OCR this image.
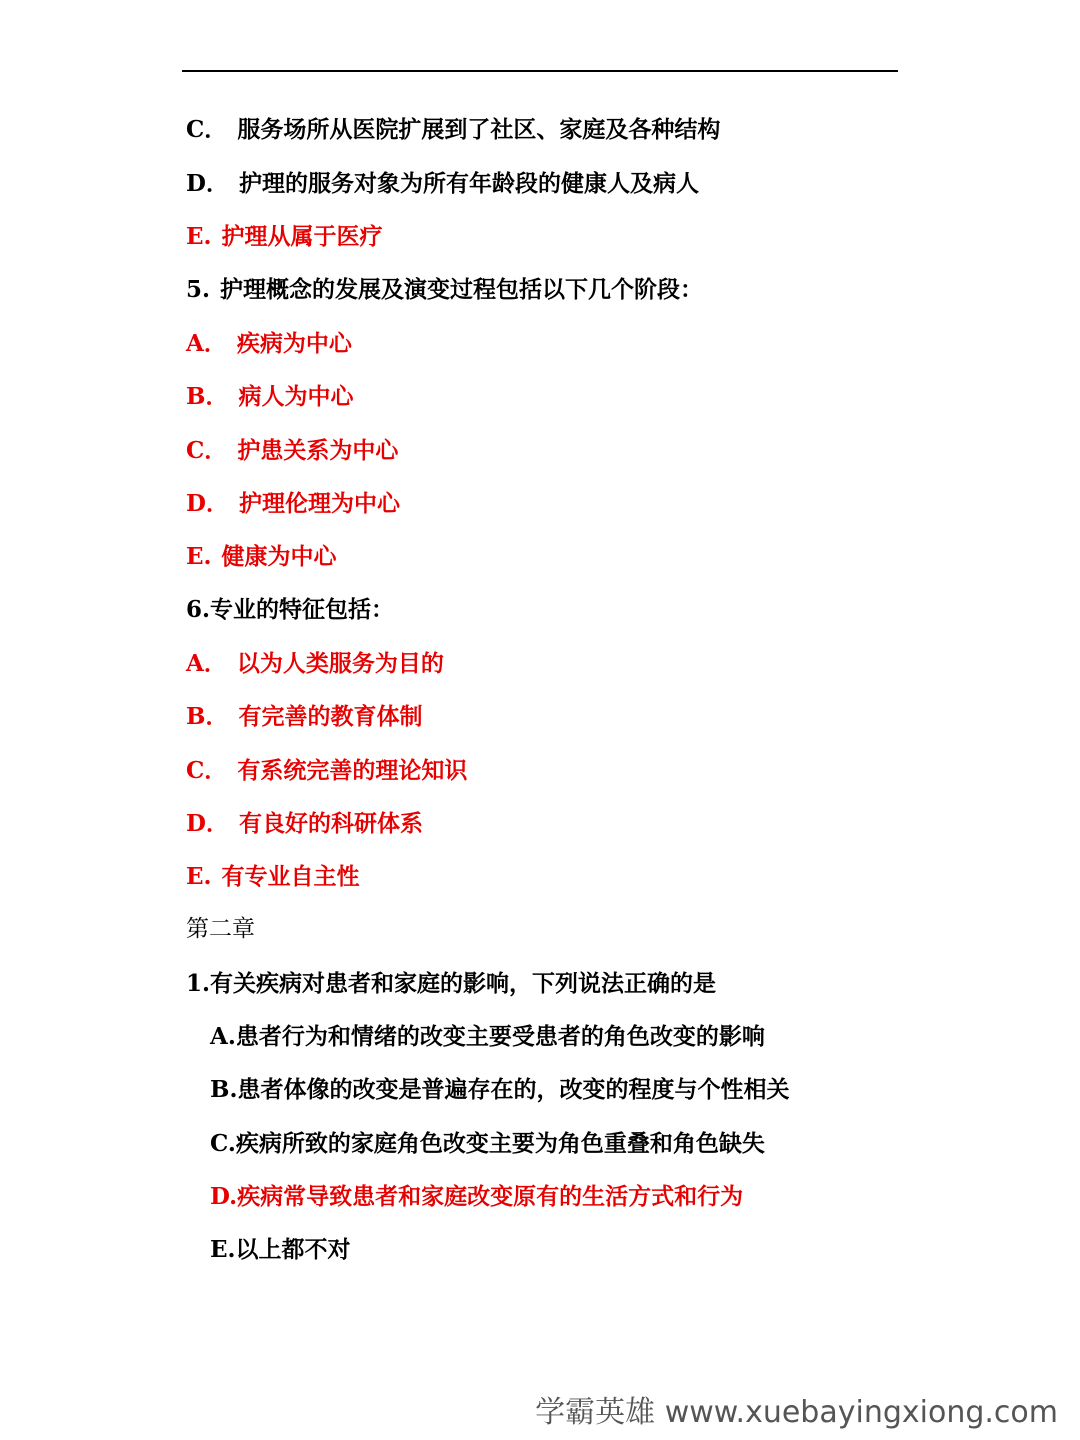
C． 服务场所从医院扩展到了社区、家庭及各种结构

D． 护理的服务对象为所有年龄段的健康人及病人

E. 护理从属于医疗

5. 护理概念的发展及演变过程包括以下几个阶段：

A． 疾病为中心

B． 病人为中心

C． 护患关系为中心

D． 护理伦理为中心

E. 健康为中心

6.专业的特征包括：

A． 以为人类服务为目的

B． 有完善的教育体制

C． 有系统完善的理论知识

D． 有良好的科研体系

E. 有专业自主性

第二章

1.有关疾病对患者和家庭的影响，下列说法正确的是

A.患者行为和情绪的改变主要受患者的角色改变的影响

B.患者体像的改变是普遍存在的，改变的程度与个性相关

C.疾病所致的家庭角色改变主要为角色重叠和角色缺失

D.疾病常导致患者和家庭改变原有的生活方式和行为

E.以上都不对

学霸英雄 www.xuebayingxiong.com
